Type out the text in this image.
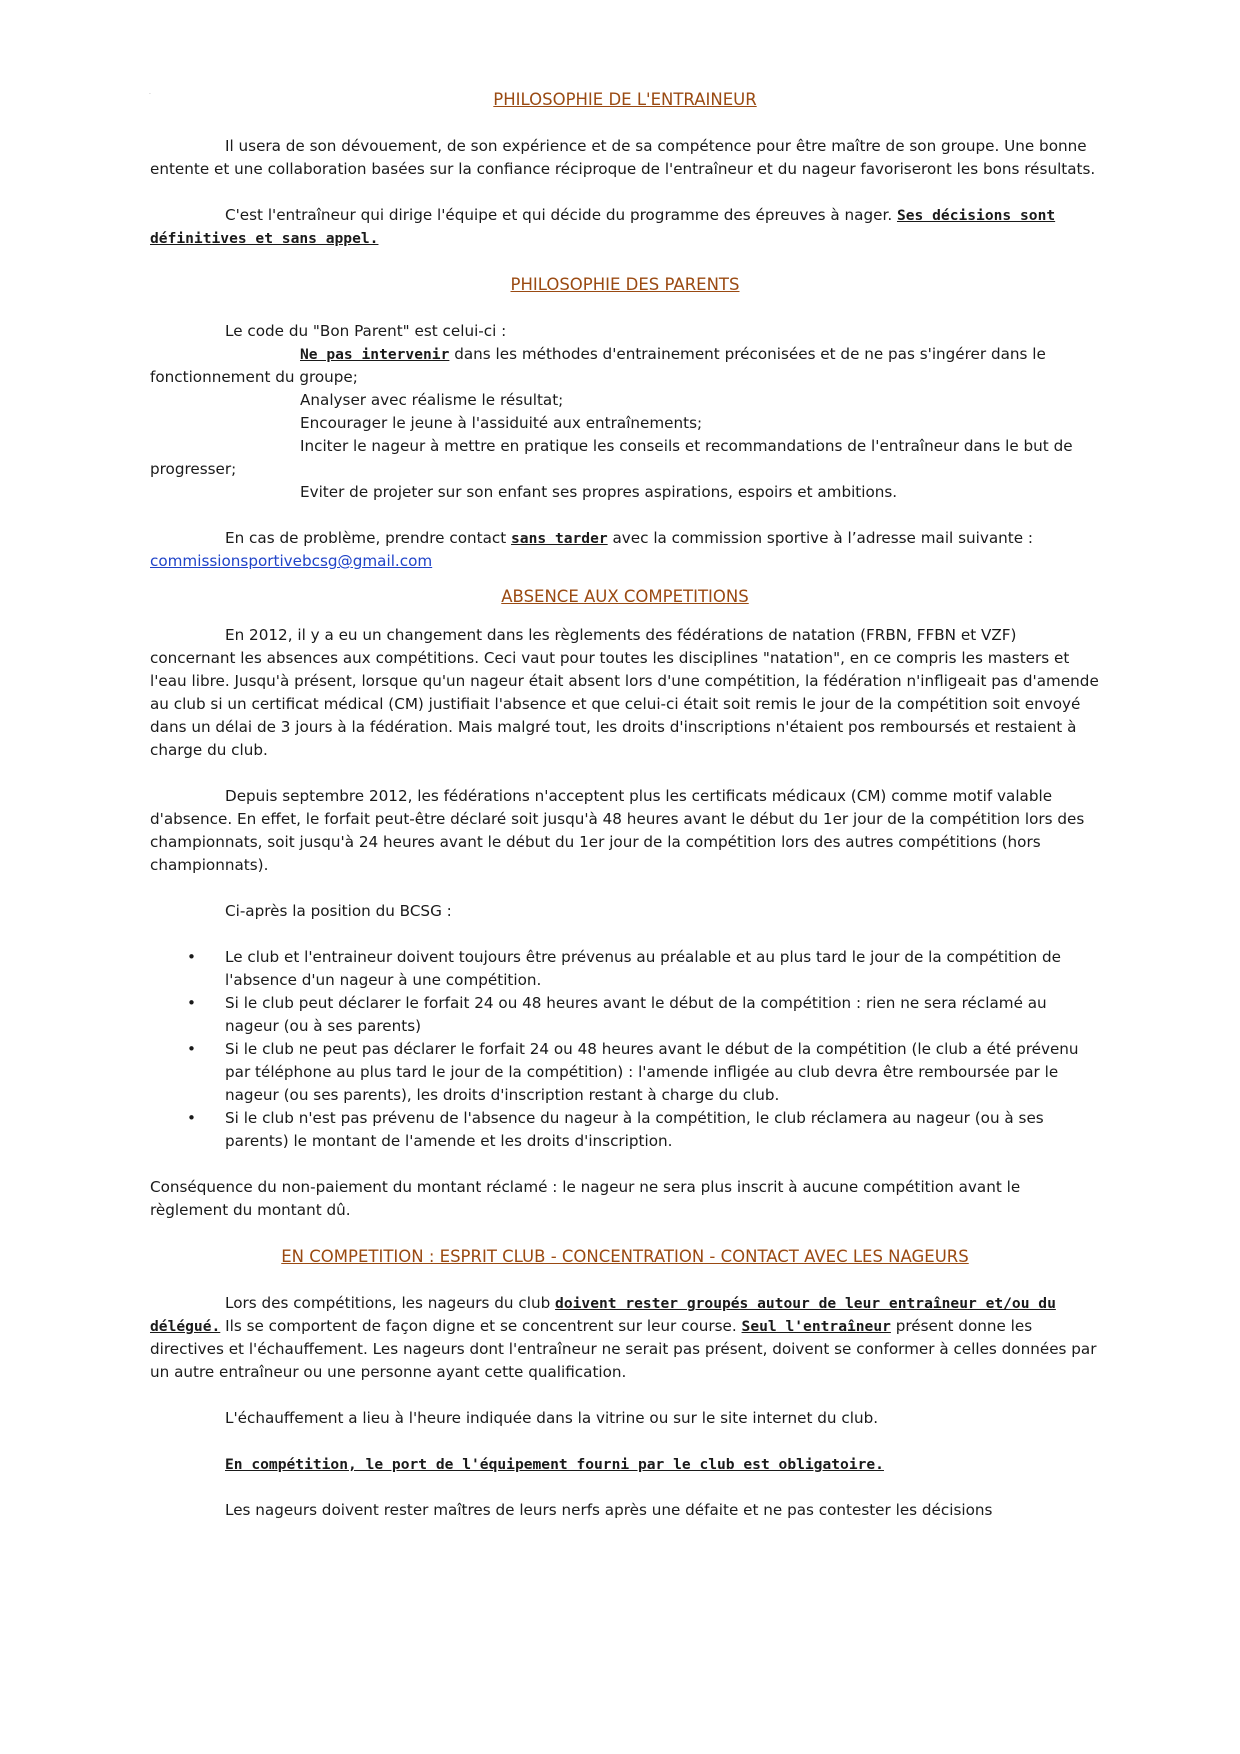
·	PHILOSOPHIE DE L'ENTRAINEUR

Il usera de son dévouement, de son expérience et de sa compétence pour être maître de son groupe. Une bonne entente et une collaboration basées sur la confiance réciproque de l'entraîneur et du nageur favoriseront les bons résultats.

C'est l'entraîneur qui dirige l'équipe et qui décide du programme des épreuves à nager. Ses décisions sont définitives et sans appel.

PHILOSOPHIE DES PARENTS

Le code du "Bon Parent" est celui-ci :

Ne pas intervenir dans les méthodes d'entrainement préconisées et de ne pas s'ingérer dans le fonctionnement du groupe;

Analyser avec réalisme le résultat;

Encourager le jeune à l'assiduité aux entraînements;

Inciter le nageur à mettre en pratique les conseils et recommandations de l'entraîneur dans le but de progresser;

Eviter de projeter sur son enfant ses propres aspirations, espoirs et ambitions.

En cas de problème, prendre contact sans tarder avec la commission sportive à l’adresse mail suivante :

commissionsportivebcsg@gmail.com

ABSENCE AUX COMPETITIONS

En 2012, il y a eu un changement dans les règlements des fédérations de natation (FRBN, FFBN et VZF) concernant les absences aux compétitions. Ceci vaut pour toutes les disciplines "natation", en ce compris les masters et l'eau libre. Jusqu'à présent, lorsque qu'un nageur était absent lors d'une compétition, la fédération n'infligeait pas d'amende au club si un certificat médical (CM) justifiait l'absence et que celui-ci était soit remis le jour de la compétition soit envoyé dans un délai de 3 jours à la fédération. Mais malgré tout, les droits d'inscriptions n'étaient pos remboursés et restaient à charge du club.

Depuis septembre 2012, les fédérations n'acceptent plus les certificats médicaux (CM) comme motif valable d'absence. En effet, le forfait peut-être déclaré soit jusqu'à 48 heures avant le début du 1er jour de la compétition lors des championnats, soit jusqu'à 24 heures avant le début du 1er jour de la compétition lors des autres compétitions (hors championnats).

Ci-après la position du BCSG :

• Le club et l'entraineur doivent toujours être prévenus au préalable et au plus tard le jour de la compétition de l'absence d'un nageur à une compétition.
• Si le club peut déclarer le forfait 24 ou 48 heures avant le début de la compétition : rien ne sera réclamé au nageur (ou à ses parents)
• Si le club ne peut pas déclarer le forfait 24 ou 48 heures avant le début de la compétition (le club a été prévenu par téléphone au plus tard le jour de la compétition) : l'amende infligée au club devra être remboursée par le nageur (ou ses parents), les droits d'inscription restant à charge du club.
• Si le club n'est pas prévenu de l'absence du nageur à la compétition, le club réclamera au nageur (ou à ses parents) le montant de l'amende et les droits d'inscription.

Conséquence du non-paiement du montant réclamé : le nageur ne sera plus inscrit à aucune compétition avant le règlement du montant dû.

EN COMPETITION : ESPRIT CLUB - CONCENTRATION - CONTACT AVEC LES NAGEURS

Lors des compétitions, les nageurs du club doivent rester groupés autour de leur entraîneur et/ou du délégué. Ils se comportent de façon digne et se concentrent sur leur course. Seul l'entraîneur présent donne les directives et l'échauffement. Les nageurs dont l'entraîneur ne serait pas présent, doivent se conformer à celles données par un autre entraîneur ou une personne ayant cette qualification.

L'échauffement a lieu à l'heure indiquée dans la vitrine ou sur le site internet du club.

En compétition, le port de l'équipement fourni par le club est obligatoire.

Les nageurs doivent rester maîtres de leurs nerfs après une défaite et ne pas contester les décisions
